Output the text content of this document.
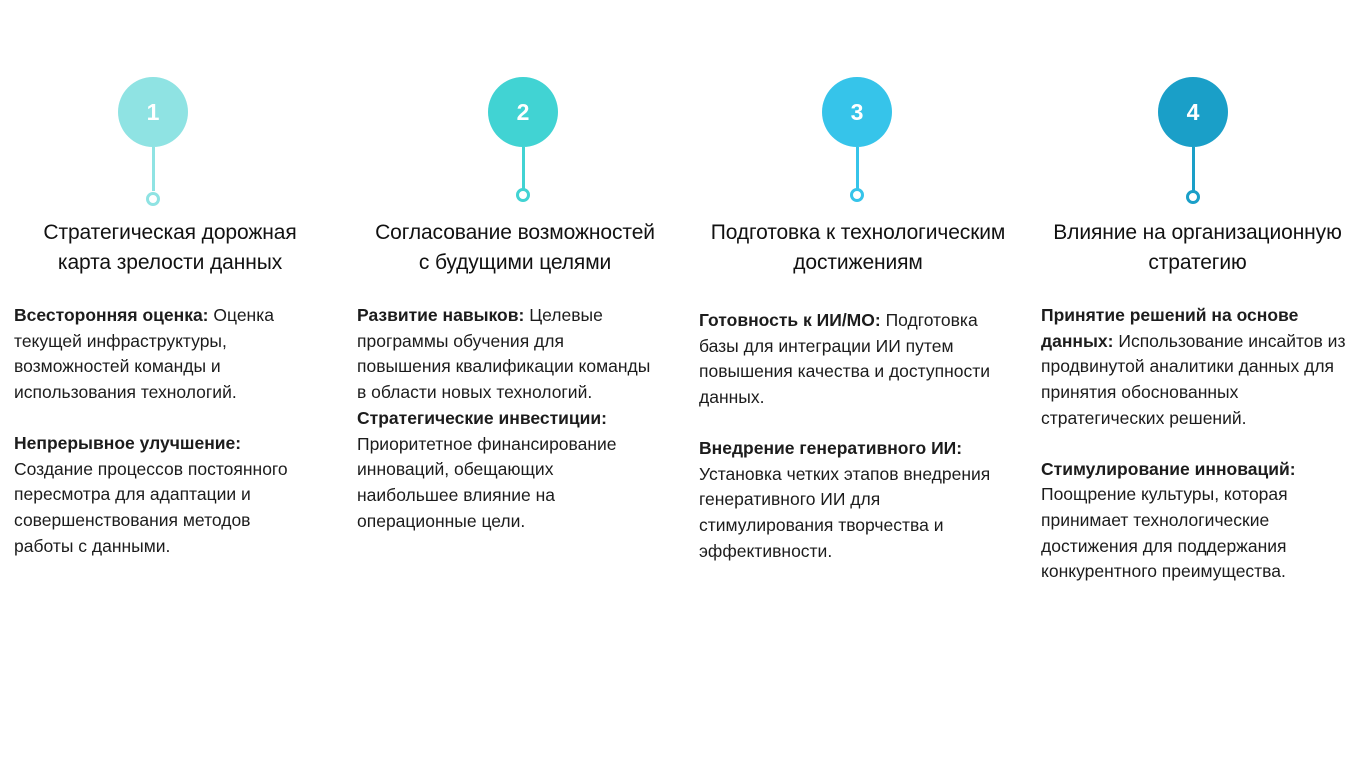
1
Стратегическая дорожная
карта зрелости данных

Всесторонняя оценка: Оценка текущей инфраструктуры, возможностей команды и использования технологий.

Непрерывное улучшение: Создание процессов постоянного пересмотра для адаптации и совершенствования методов работы с данными.

2
Согласование возможностей
с будущими целями

Развитие навыков: Целевые программы обучения для повышения квалификации команды в области новых технологий.

Стратегические инвестиции: Приоритетное финансирование инноваций, обещающих наибольшее влияние на операционные цели.

3
Подготовка к технологическим
достижениям

Готовность к ИИ/МО: Подготовка базы для интеграции ИИ путем повышения качества и доступности данных.

Внедрение генеративного ИИ: Установка четких этапов внедрения генеративного ИИ для стимулирования творчества и эффективности.

4
Влияние на организационную
стратегию

Принятие решений на основе данных: Использование инсайтов из продвинутой аналитики данных для принятия обоснованных стратегических решений.

Стимулирование инноваций: Поощрение культуры, которая принимает технологические достижения для поддержания конкурентного преимущества.
